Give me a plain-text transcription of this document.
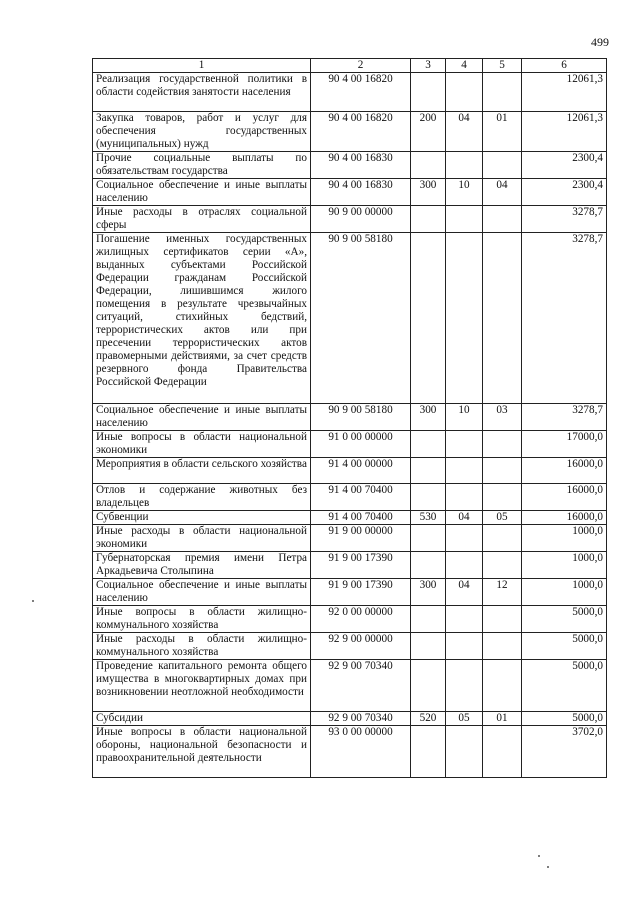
499
1	2	3	4	5	6
Реализация государственной политики в области содействия занятости населения	90 4 00 16820				12061,3
Закупка товаров, работ и услуг для обеспечения государственных (муниципальных) нужд	90 4 00 16820	200	04	01	12061,3
Прочие социальные выплаты по обязательствам государства	90 4 00 16830				2300,4
Социальное обеспечение и иные выплаты населению	90 4 00 16830	300	10	04	2300,4
Иные расходы в отраслях социальной сферы	90 9 00 00000				3278,7
Погашение именных государственных жилищных сертификатов серии «А», выданных субъектами Российской Федерации гражданам Российской Федерации, лишившимся жилого помещения в результате чрезвычайных ситуаций, стихийных бедствий, террористических актов или при пресечении террористических актов правомерными действиями, за счет средств резервного фонда Правительства Российской Федерации	90 9 00 58180				3278,7
Социальное обеспечение и иные выплаты населению	90 9 00 58180	300	10	03	3278,7
Иные вопросы в области национальной экономики	91 0 00 00000				17000,0
Мероприятия в области сельского хозяйства	91 4 00 00000				16000,0
Отлов и содержание животных без владельцев	91 4 00 70400				16000,0
Субвенции	91 4 00 70400	530	04	05	16000,0
Иные расходы в области национальной экономики	91 9 00 00000				1000,0
Губернаторская премия имени Петра Аркадьевича Столыпина	91 9 00 17390				1000,0
Социальное обеспечение и иные выплаты населению	91 9 00 17390	300	04	12	1000,0
Иные вопросы в области жилищно-коммунального хозяйства	92 0 00 00000				5000,0
Иные расходы в области жилищно-коммунального хозяйства	92 9 00 00000				5000,0
Проведение капитального ремонта общего имущества в многоквартирных домах при возникновении неотложной необходимости	92 9 00 70340				5000,0
Субсидии	92 9 00 70340	520	05	01	5000,0
Иные вопросы в области национальной обороны, национальной безопасности и правоохранительной деятельности	93 0 00 00000				3702,0
